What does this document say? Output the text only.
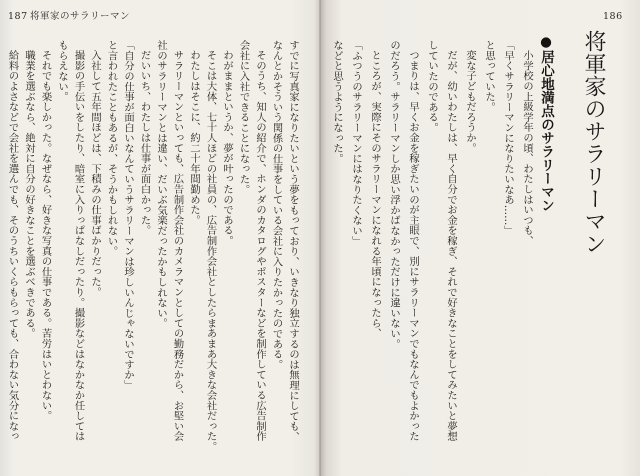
187 将軍家のサラリーマン	186
将軍家のサラリーマン
●居心地満点のサラリーマン
小学校の上級学年の頃、わたしはいつも、
「早くサラリーマンになりたいなあ……」
と思っていた。
変な子どもだろうか。
だが、幼いわたしは、早く自分でお金を稼ぎ、それで好きなことをしてみたいと夢想
していたのである。
つまりは、早くお金を稼ぎたいのが主眼で、別にサラリーマンでもなんでもよかった
のだろう。サラリーマンしか思い浮かばなかっただけに違いない。
ところが、実際にそのサラリーマンになれる年頃になったら、
「ふつうのサラリーマンにはなりたくない」
などと思うようになった。
すでに写真家になりたいという夢をもっており、いきなり独立するのは無理にしても、
なんとかそういう関係の仕事をしている会社に入りたかったのである。
そのうち、知人の紹介で、ホンダのカタログやポスターなどを制作している広告制作
会社に入社できることになった。
わがままというか、夢が叶ったのである。
そこは大体、七十人ほどの社員の、広告制作会社としたらまあまあ大きな会社だった。
わたしはそこに、約二十年間勤めた。
サラリーマンといっても、広告制作会社のカメラマンとしての勤務だから、お堅い会
社のサラリーマンとは違い、だいぶ気楽だったかもしれない。
だいいち、わたしは仕事が面白かった。
「自分の仕事が面白いなんていうサラリーマンは珍しいんじゃないですか」
と言われたこともあるが、そうかもしれない。
入社して五年間ほどは、下積みの仕事ばかりだった。
撮影の手伝いをしたり、暗室に入りっぱなしだったり。撮影などはなかなか任しては
もらえない。
それでも楽しかった。なぜなら、好きな写真の仕事である。苦労はいとわない。
職業を選ぶなら、絶対に自分の好きなことを選ぶべきである。
給料のよさなどで会社を選んでも、そのうちいくらもらっても、合わない気分になっ
